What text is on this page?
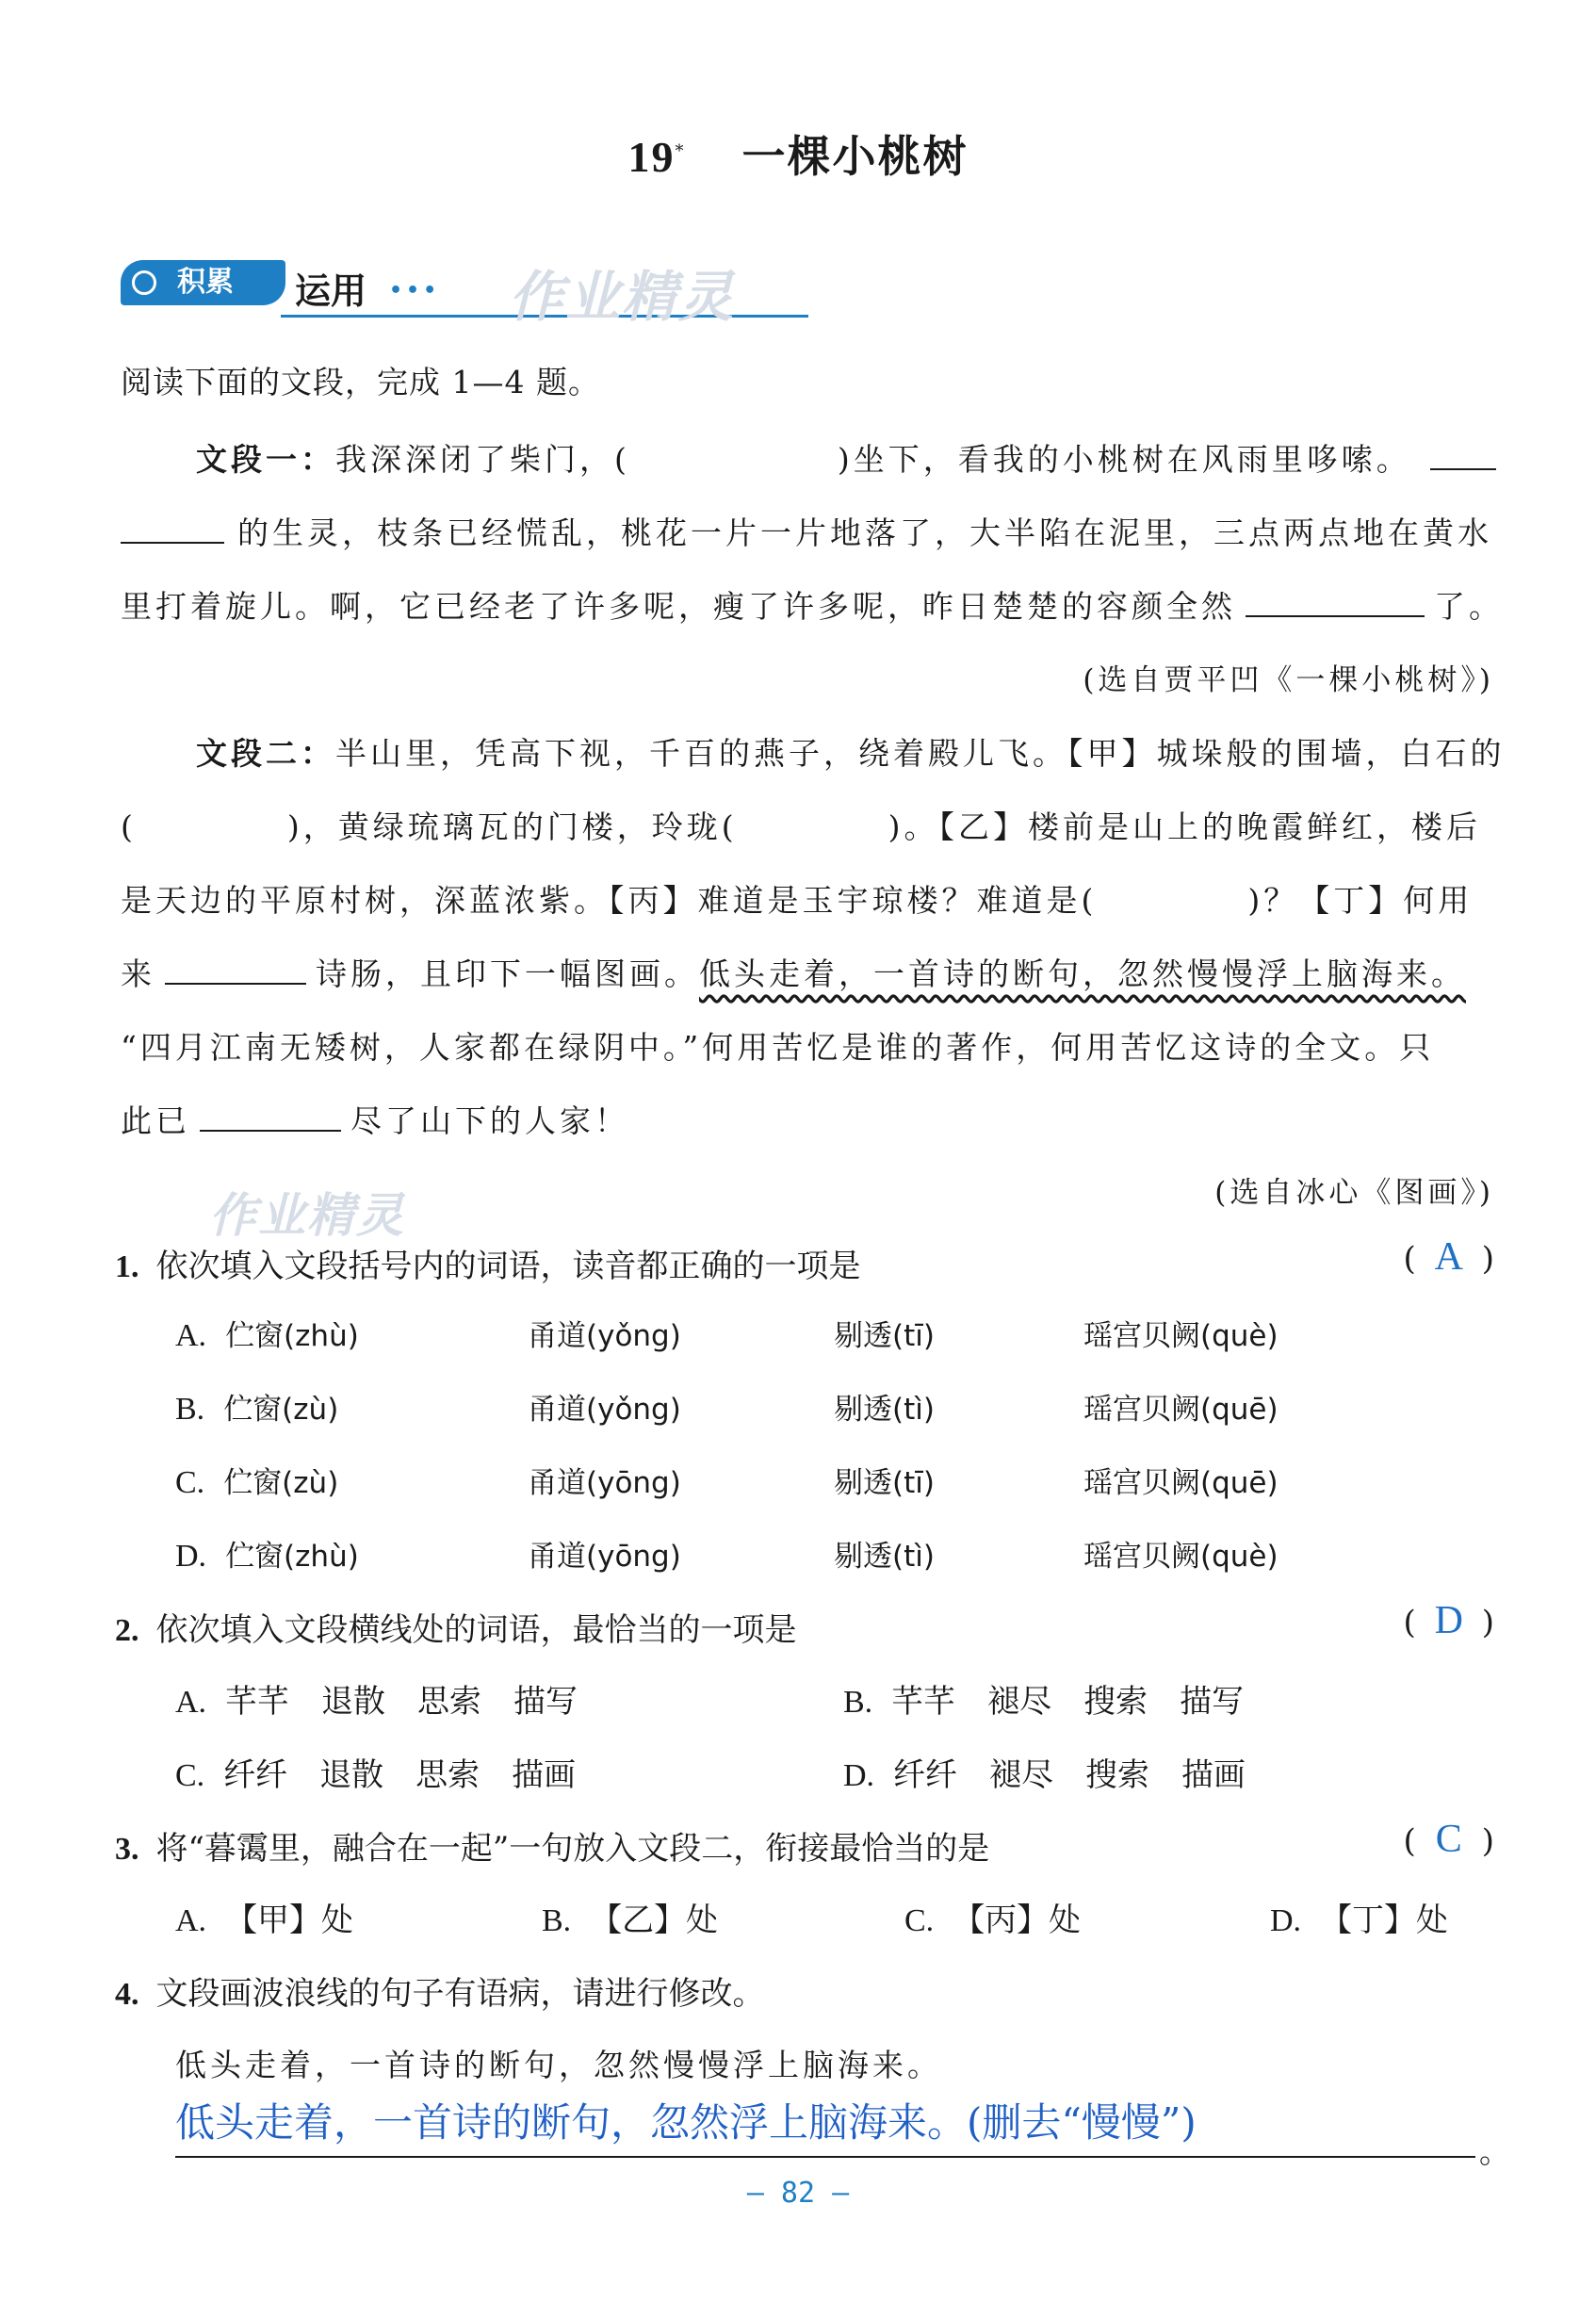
19* 一棵小桃树
积累	运用 ••• 作业精灵
作业精灵
阅读下面的文段，完成 1—4 题。
文段一：我深深闭了柴门，(	)坐下，看我的小桃树在风雨里哆嗦。
的生灵，枝条已经慌乱，桃花一片一片地落了，大半陷在泥里，三点两点地在黄水
里打着旋儿。啊，它已经老了许多呢，瘦了许多呢，昨日楚楚的容颜全然	了。
(选自贾平凹《一棵小桃树》)
文段二：半山里，凭高下视，千百的燕子，绕着殿儿飞。【甲】城垛般的围墙，白石的
(	)，黄绿琉璃瓦的门楼，玲珑(	)。【乙】楼前是山上的晚霞鲜红，楼后
是天边的平原村树，深蓝浓紫。【丙】难道是玉宇琼楼？难道是(	)？【丁】何用
来	诗肠，且印下一幅图画。低头走着，一首诗的断句，忽然慢慢浮上脑海来。
“四月江南无矮树，人家都在绿阴中。”何用苦忆是谁的著作，何用苦忆这诗的全文。只
此已	尽了山下的人家！
(选自冰心《图画》)
1. 依次填入文段括号内的词语，读音都正确的一项是	( A )
A. 伫窗(zhù)	甬道(yǒng)	剔透(tī)	瑶宫贝阙(què)
B. 伫窗(zù)	甬道(yǒng)	剔透(tì)	瑶宫贝阙(quē)
C. 伫窗(zù)	甬道(yōng)	剔透(tī)	瑶宫贝阙(quē)
D. 伫窗(zhù)	甬道(yōng)	剔透(tì)	瑶宫贝阙(què)
2. 依次填入文段横线处的词语，最恰当的一项是	( D )
A. 芊芊　退散　思索　描写	B. 芊芊　褪尽　搜索　描写
C. 纤纤　退散　思索　描画	D. 纤纤　褪尽　搜索　描画
3. 将“暮霭里，融合在一起”一句放入文段二，衔接最恰当的是	( C )
A. 【甲】处	B. 【乙】处	C. 【丙】处	D. 【丁】处
4. 文段画波浪线的句子有语病，请进行修改。
低头走着，一首诗的断句，忽然慢慢浮上脑海来。
低头走着，一首诗的断句，忽然浮上脑海来。(删去“慢慢”)
。
— 82 —
